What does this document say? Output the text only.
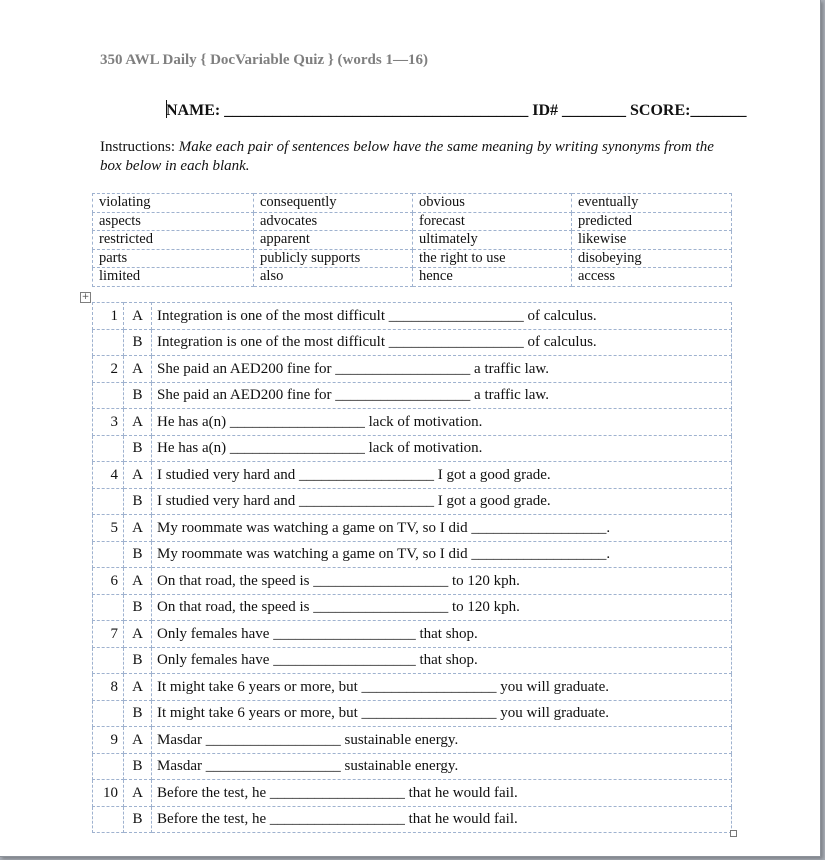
350 AWL Daily { DocVariable Quiz } (words 1—16)
NAME: ______________________________________ ID# ________ SCORE:_______
Instructions: Make each pair of sentences below have the same meaning by writing synonyms from the box below in each blank.
violating	consequently	obvious	eventually
aspects	advocates	forecast	predicted
restricted	apparent	ultimately	likewise
parts	publicly supports	the right to use	disobeying
limited	also	hence	access
+
1	A	Integration is one of the most difficult __________________ of calculus.
	B	Integration is one of the most difficult __________________ of calculus.
2	A	She paid an AED200 fine for __________________ a traffic law.
	B	She paid an AED200 fine for __________________ a traffic law.
3	A	He has a(n) __________________ lack of motivation.
	B	He has a(n) __________________ lack of motivation.
4	A	I studied very hard and __________________ I got a good grade.
	B	I studied very hard and __________________ I got a good grade.
5	A	My roommate was watching a game on TV, so I did __________________.
	B	My roommate was watching a game on TV, so I did __________________.
6	A	On that road, the speed is __________________ to 120 kph.
	B	On that road, the speed is __________________ to 120 kph.
7	A	Only females have ___________________ that shop.
	B	Only females have ___________________ that shop.
8	A	It might take 6 years or more, but __________________ you will graduate.
	B	It might take 6 years or more, but __________________ you will graduate.
9	A	Masdar __________________ sustainable energy.
	B	Masdar __________________ sustainable energy.
10	A	Before the test, he __________________ that he would fail.
	B	Before the test, he __________________ that he would fail.
